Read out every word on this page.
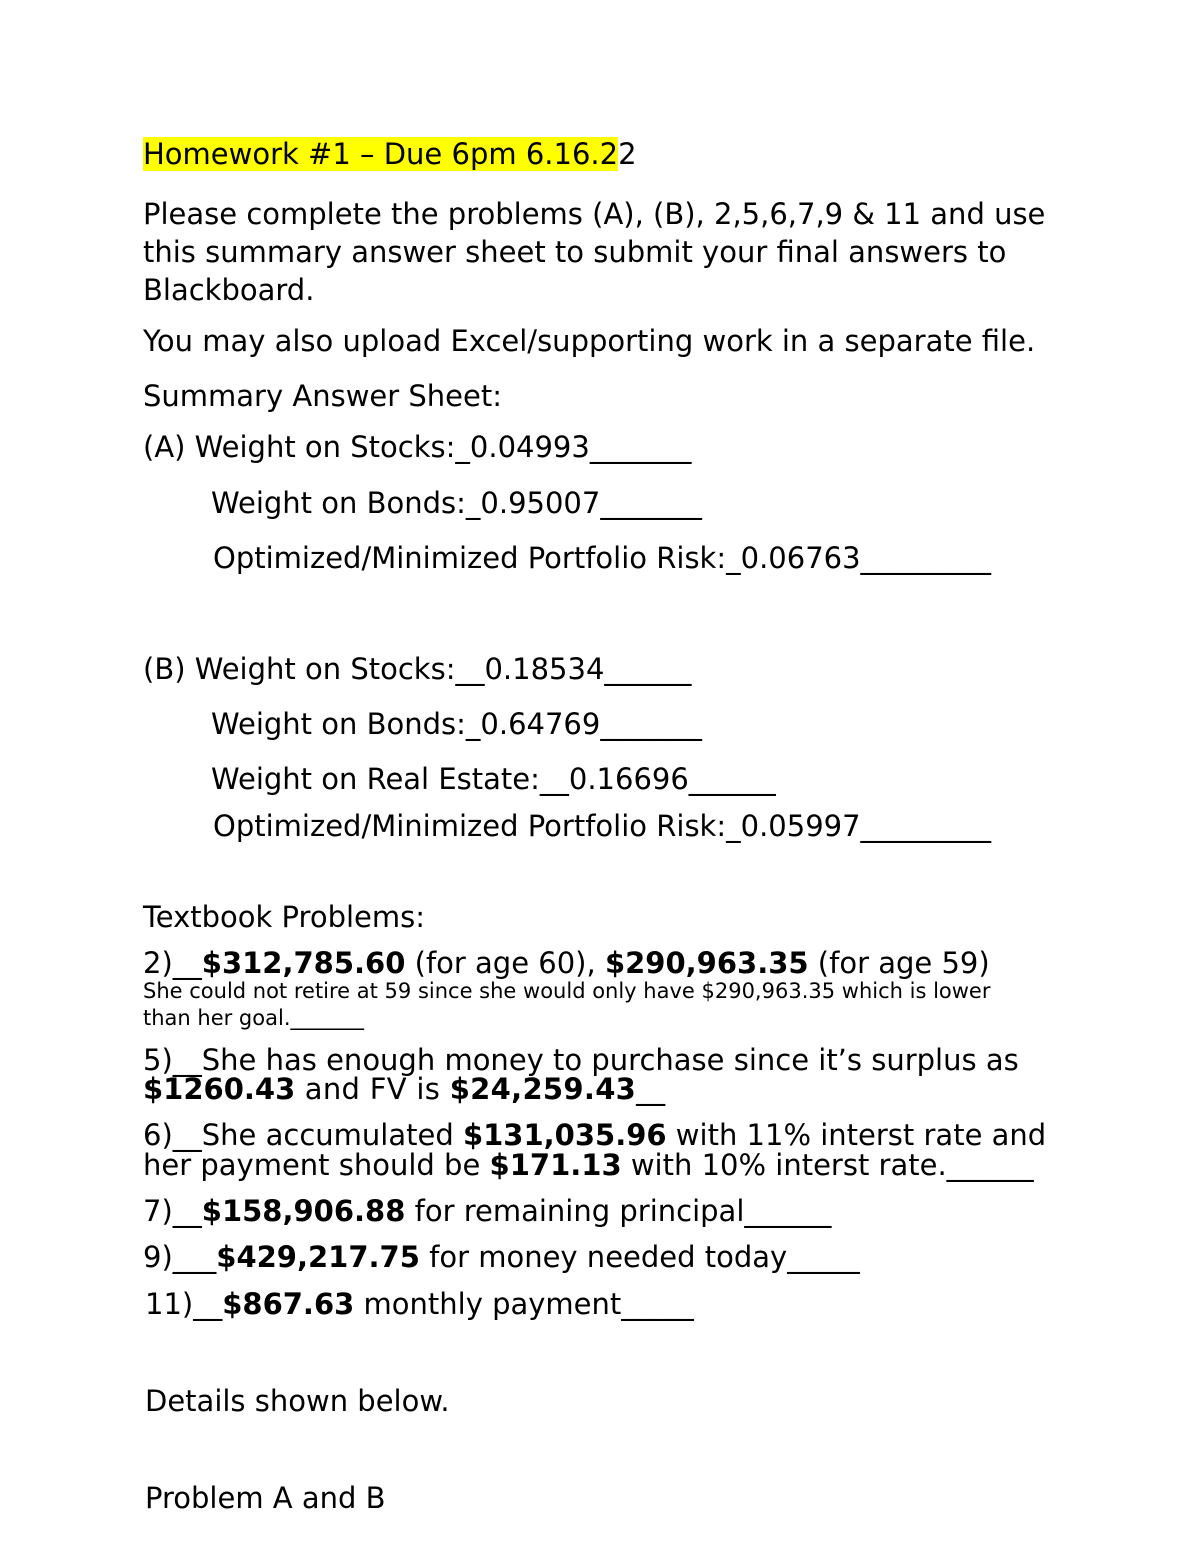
Homework #1 – Due 6pm 6.16.22
Please complete the problems (A), (B), 2,5,6,7,9 & 11 and use
this summary answer sheet to submit your final answers to
Blackboard.
You may also upload Excel/supporting work in a separate file.
Summary Answer Sheet:
(A) Weight on Stocks:_0.04993_______
Weight on Bonds:_0.95007_______
Optimized/Minimized Portfolio Risk:_0.06763_________
(B) Weight on Stocks:__0.18534______
Weight on Bonds:_0.64769_______
Weight on Real Estate:__0.16696______
Optimized/Minimized Portfolio Risk:_0.05997_________
Textbook Problems:
2)__$312,785.60 (for age 60), $290,963.35 (for age 59)
She could not retire at 59 since she would only have $290,963.35 which is lower
than her goal._______
5)__She has enough money to purchase since it’s surplus as
$1260.43 and FV is $24,259.43__
6)__She accumulated $131,035.96 with 11% interst rate and
her payment should be $171.13 with 10% interst rate.______
7)__$158,906.88 for remaining principal______
9)___$429,217.75 for money needed today_____
11)__$867.63 monthly payment_____
Details shown below.
Problem A and B
